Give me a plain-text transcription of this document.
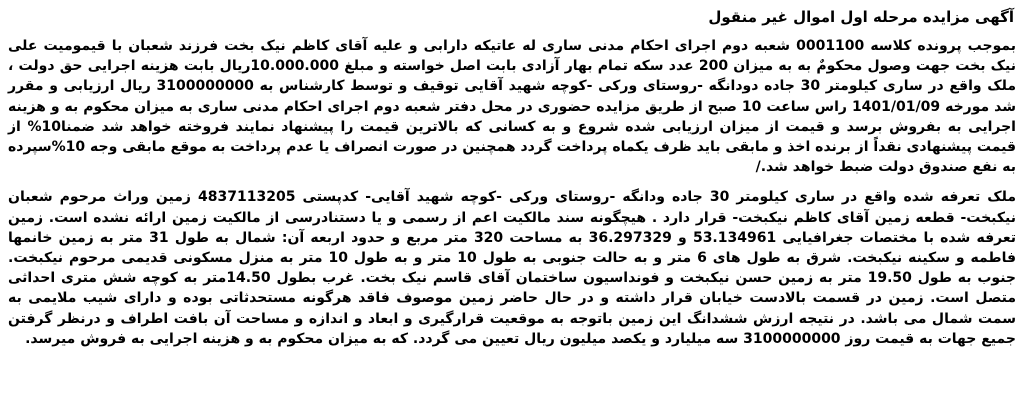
آگهی مزایده مرحله اول اموال غیر منقول

بموجب پرونده کلاسه 0001100 شعبه دوم اجرای احکام مدنی ساری له عاتیکه دارابی و علیه آقای کاظم نیک بخت فرزند شعبان با قیمومیت علی نیک بخت جهت وصول محکومٌ به به میزان 200 عدد سکه تمام بهار آزادی بابت اصل خواسته و مبلغ 10.000.000ریال بابت هزینه اجرایی حق دولت ، ملک واقع در ساری کیلومتر 30 جاده دودانگه -روستای ورکی -کوچه شهید آقایی توقیف و توسط کارشناس به 3100000000 ریال ارزیابی و مقرر شد مورخه 1401/01/09 راس ساعت 10 صبح از طریق مزایده حضوری در محل دفتر شعبه دوم اجرای احکام مدنی ساری به میزان محکوم به و هزینه اجرایی به بفروش برسد و قیمت از میزان ارزیابی شده شروع و به کسانی که بالاترین قیمت را پیشنهاد نمایند فروخته خواهد شد ضمنا10% از قیمت پیشنهادی نقداً از برنده اخذ و مابقی باید ظرف یکماه پرداخت گردد همچنین در صورت انصراف یا عدم پرداخت به موقع مابقی وجه 10%سپرده به نفع صندوق دولت ضبط خواهد شد./

ملک تعرفه شده واقع در ساری کیلومتر 30 جاده ودانگه -روستای ورکی -کوچه شهید آقایی- کدپستی 4837113205 زمین وراث مرحوم شعبان نیکبخت- قطعه زمین آقای کاظم نیکبخت- قرار دارد . هیچگونه سند مالکیت اعم از رسمی و یا دستنادرسی از مالکیت زمین ارائه نشده است. زمین تعرفه شده با مختصات جغرافیایی 53.134961 و 36.297329 به مساحت 320 متر مربع و حدود اربعه آن: شمال به طول 31 متر به زمین خانمها فاطمه و سکینه نیکبخت. شرق به طول های 6 متر و به حالت جنوبی به طول 10 متر و به طول 10 متر به منزل مسکونی قدیمی مرحوم نیکبخت. جنوب به طول 19.50 متر به زمین حسن نیکبخت و فونداسیون ساختمان آقای قاسم نیک بخت. غرب بطول 14.50متر به کوچه شش متری احداثی متصل است. زمین در قسمت بالادست خیابان قرار داشته و در حال حاضر زمین موصوف فاقد هرگونه مستحدثاتی بوده و دارای شیب ملایمی به سمت شمال می باشد. در نتیجه ارزش ششدانگ این زمین باتوجه به موقعیت قرارگیری و ابعاد و اندازه و مساحت آن بافت اطراف و درنظر گرفتن جمیع جهات به قیمت روز 3100000000 سه میلیارد و یکصد میلیون ریال تعیین می گردد. که به میزان محکوم به و هزینه اجرایی به فروش میرسد.
